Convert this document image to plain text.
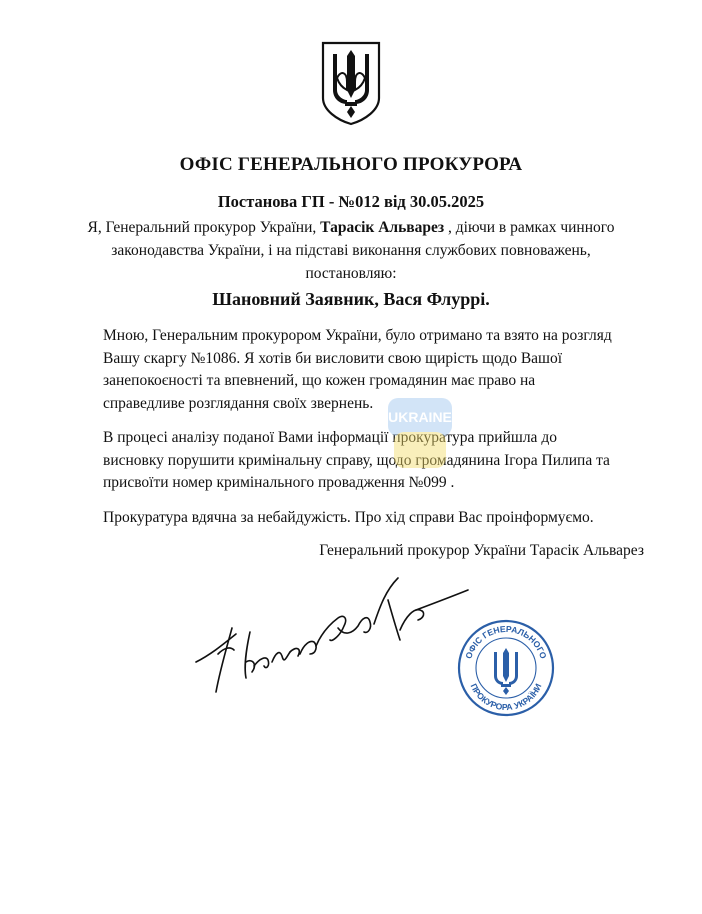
ОФІС ГЕНЕРАЛЬНОГО ПРОКУРОРА
Постанова ГП - №012 від 30.05.2025
Я, Генеральний прокурор України, Тарасік Альварез , діючи в рамках чинного законодавства України, і на підставі виконання службових повноважень, постановляю:
Шановний Заявник, Вася Флуррі.
Мною, Генеральним прокурором України, було отримано та взято на розгляд Вашу скаргу №1086. Я хотів би висловити свою щирість щодо Вашої занепокоєності та впевнений, що кожен громадянин має право на справедливе розглядання своїх звернень.
В процесі аналізу поданої Вами інформації прокуратура прийшла до висновку порушити кримінальну справу, щодо громадянина Ігора Пилипа та присвоїти номер кримінального провадження №099 .
Прокуратура вдячна за небайдужість. Про хід справи Вас проінформуємо.
UKRAINE
Генеральний прокурор України Тарасік Альварез
ОФІС ГЕНЕРАЛЬНОГО
ПРОКУРОРА УКРАЇНИ
